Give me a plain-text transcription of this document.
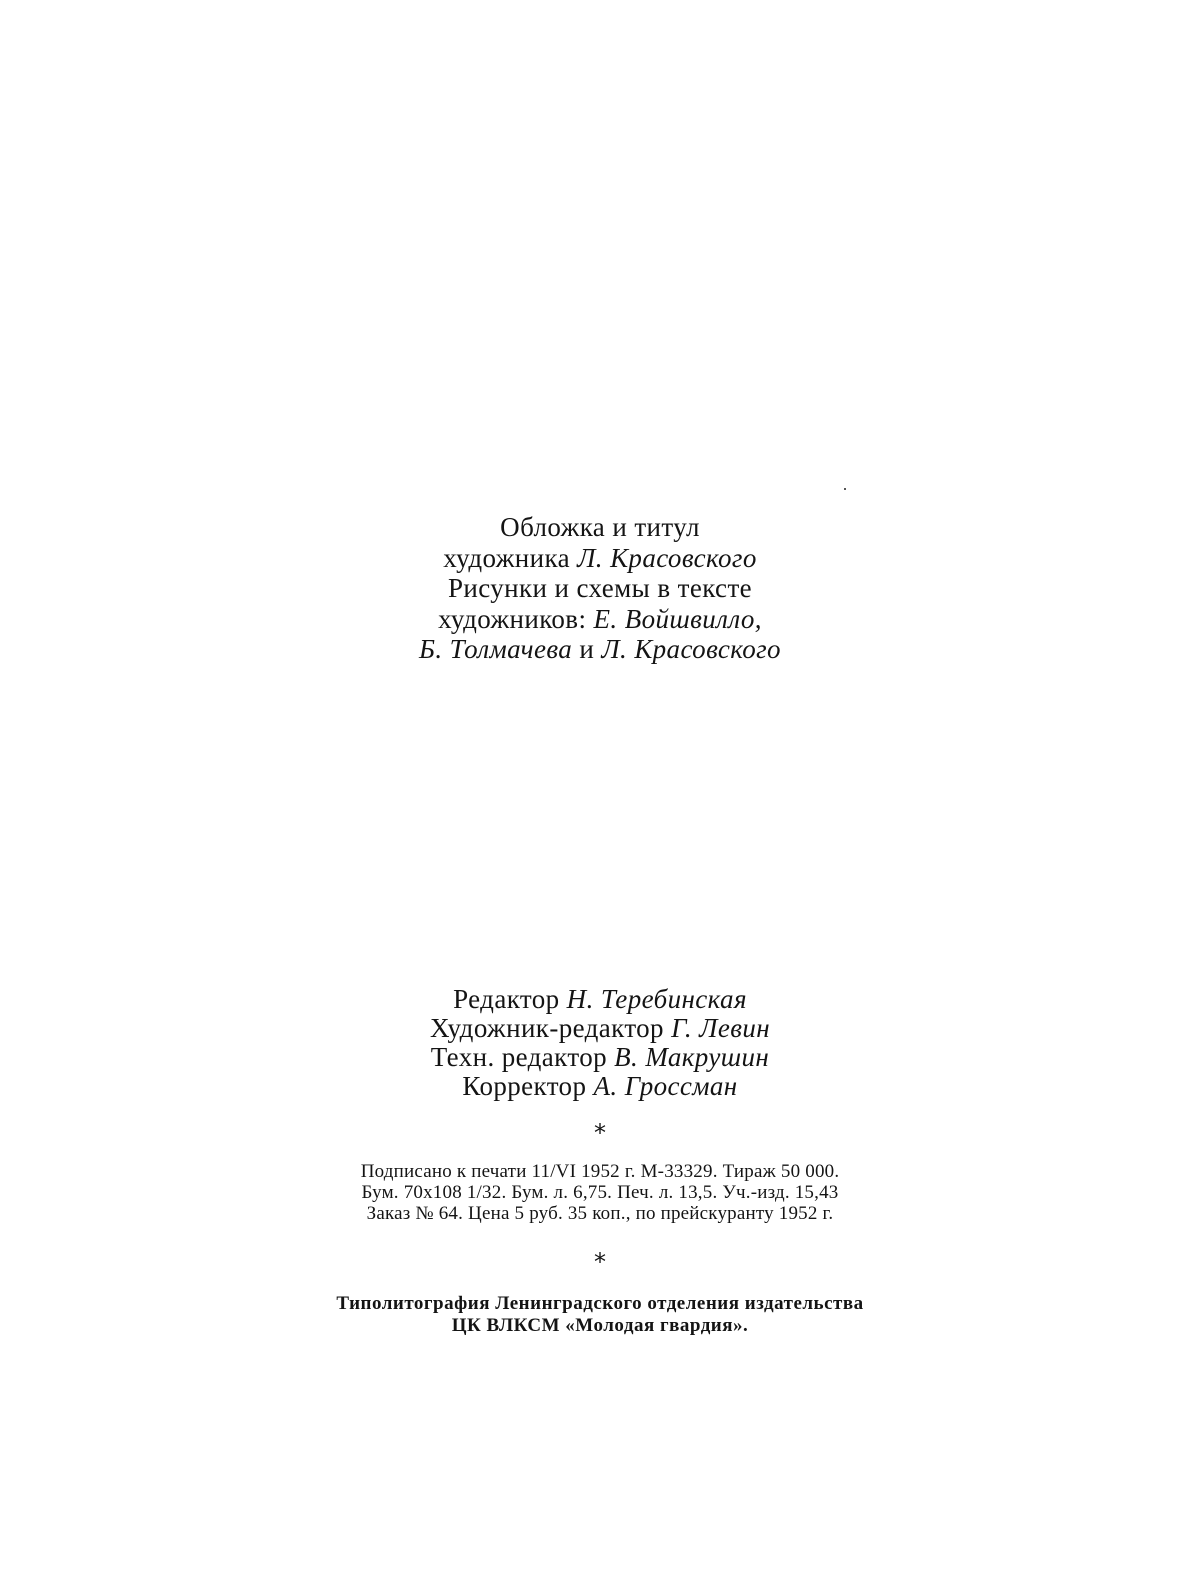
Обложка и титул
художника Л. Красовского
Рисунки и схемы в тексте
художников: Е. Войшвилло,
Б. Толмачева и Л. Красовского
Редактор Н. Теребинская
Художник-редактор Г. Левин
Техн. редактор В. Макрушин
Корректор А. Гроссман
*
Подписано к печати 11/VI 1952 г. М-33329. Тираж 50 000.
Бум. 70х108 1/32. Бум. л. 6,75. Печ. л. 13,5. Уч.-изд. 15,43
Заказ № 64. Цена 5 руб. 35 коп., по прейскуранту 1952 г.
*
Типолитография Ленинградского отделения издательства
ЦК ВЛКСМ «Молодая гвардия».
